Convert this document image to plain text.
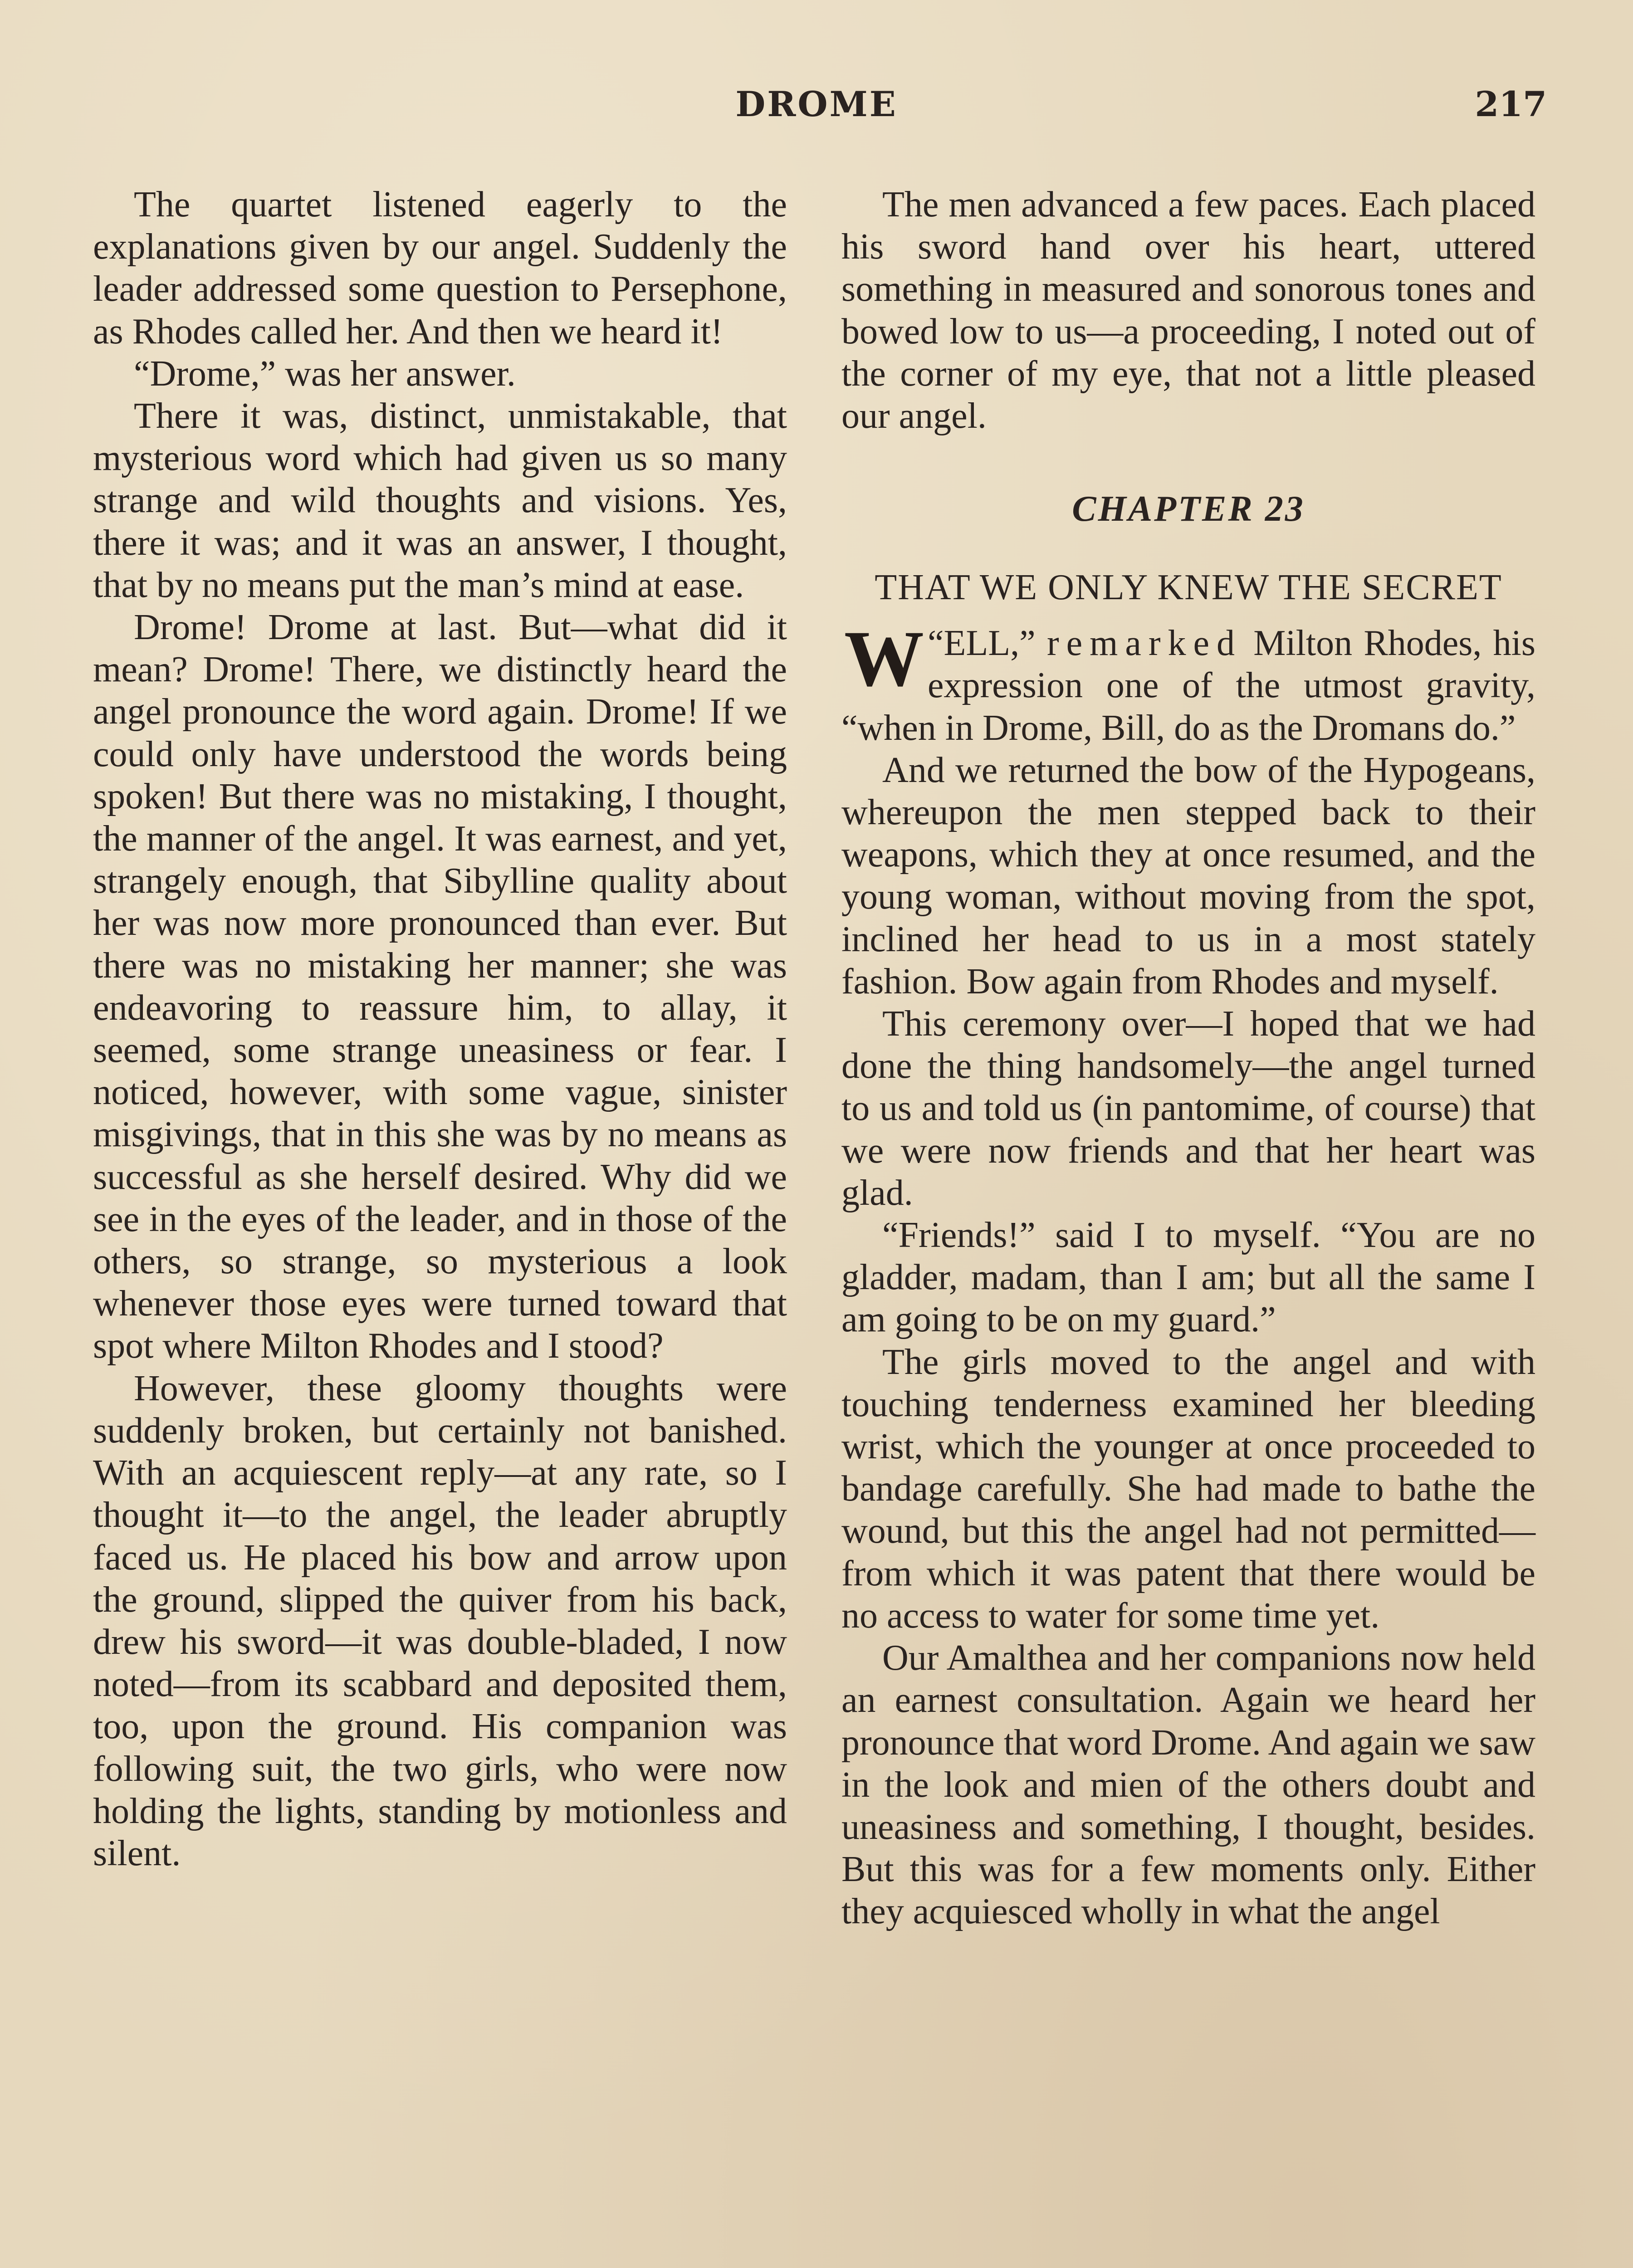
DROME	217

The quartet listened eagerly to the explanations given by our angel. Suddenly the leader addressed some question to Persephone, as Rhodes called her. And then we heard it!

“Drome,” was her answer.

There it was, distinct, unmistakable, that mysterious word which had given us so many strange and wild thoughts and visions. Yes, there it was; and it was an answer, I thought, that by no means put the man’s mind at ease.

Drome! Drome at last. But—what did it mean? Drome! There, we distinctly heard the angel pronounce the word again. Drome! If we could only have understood the words being spoken! But there was no mistaking, I thought, the manner of the angel. It was earnest, and yet, strangely enough, that Sibylline quality about her was now more pronounced than ever. But there was no mistaking her manner; she was endeavoring to reassure him, to allay, it seemed, some strange uneasiness or fear. I noticed, however, with some vague, sinister misgivings, that in this she was by no means as successful as she herself desired. Why did we see in the eyes of the leader, and in those of the others, so strange, so mysterious a look whenever those eyes were turned toward that spot where Milton Rhodes and I stood?

However, these gloomy thoughts were suddenly broken, but certainly not banished. With an acquiescent reply—at any rate, so I thought it—to the angel, the leader abruptly faced us. He placed his bow and arrow upon the ground, slipped the quiver from his back, drew his sword—it was double-bladed, I now noted—from its scabbard and deposited them, too, upon the ground. His companion was following suit, the two girls, who were now holding the lights, standing by motionless and silent.

The men advanced a few paces. Each placed his sword hand over his heart, uttered something in measured and sonorous tones and bowed low to us—a proceeding, I noted out of the corner of my eye, that not a little pleased our angel.

CHAPTER 23
THAT WE ONLY KNEW THE SECRET

“
W ELL,” remarked Milton Rhodes, his expression one of the utmost gravity, “when in Drome, Bill, do as the Dromans do.”

And we returned the bow of the Hypogeans, whereupon the men stepped back to their weapons, which they at once resumed, and the young woman, without moving from the spot, inclined her head to us in a most stately fashion. Bow again from Rhodes and myself.

This ceremony over—I hoped that we had done the thing handsomely—the angel turned to us and told us (in pantomime, of course) that we were now friends and that her heart was glad.

“Friends!” said I to myself. “You are no gladder, madam, than I am; but all the same I am going to be on my guard.”

The girls moved to the angel and with touching tenderness examined her bleeding wrist, which the younger at once proceeded to bandage carefully. She had made to bathe the wound, but this the angel had not permitted—from which it was patent that there would be no access to water for some time yet.

Our Amalthea and her companions now held an earnest consultation. Again we heard her pronounce that word Drome. And again we saw in the look and mien of the others doubt and uneasiness and something, I thought, besides. But this was for a few moments only. Either they acquiesced wholly in what the angel
